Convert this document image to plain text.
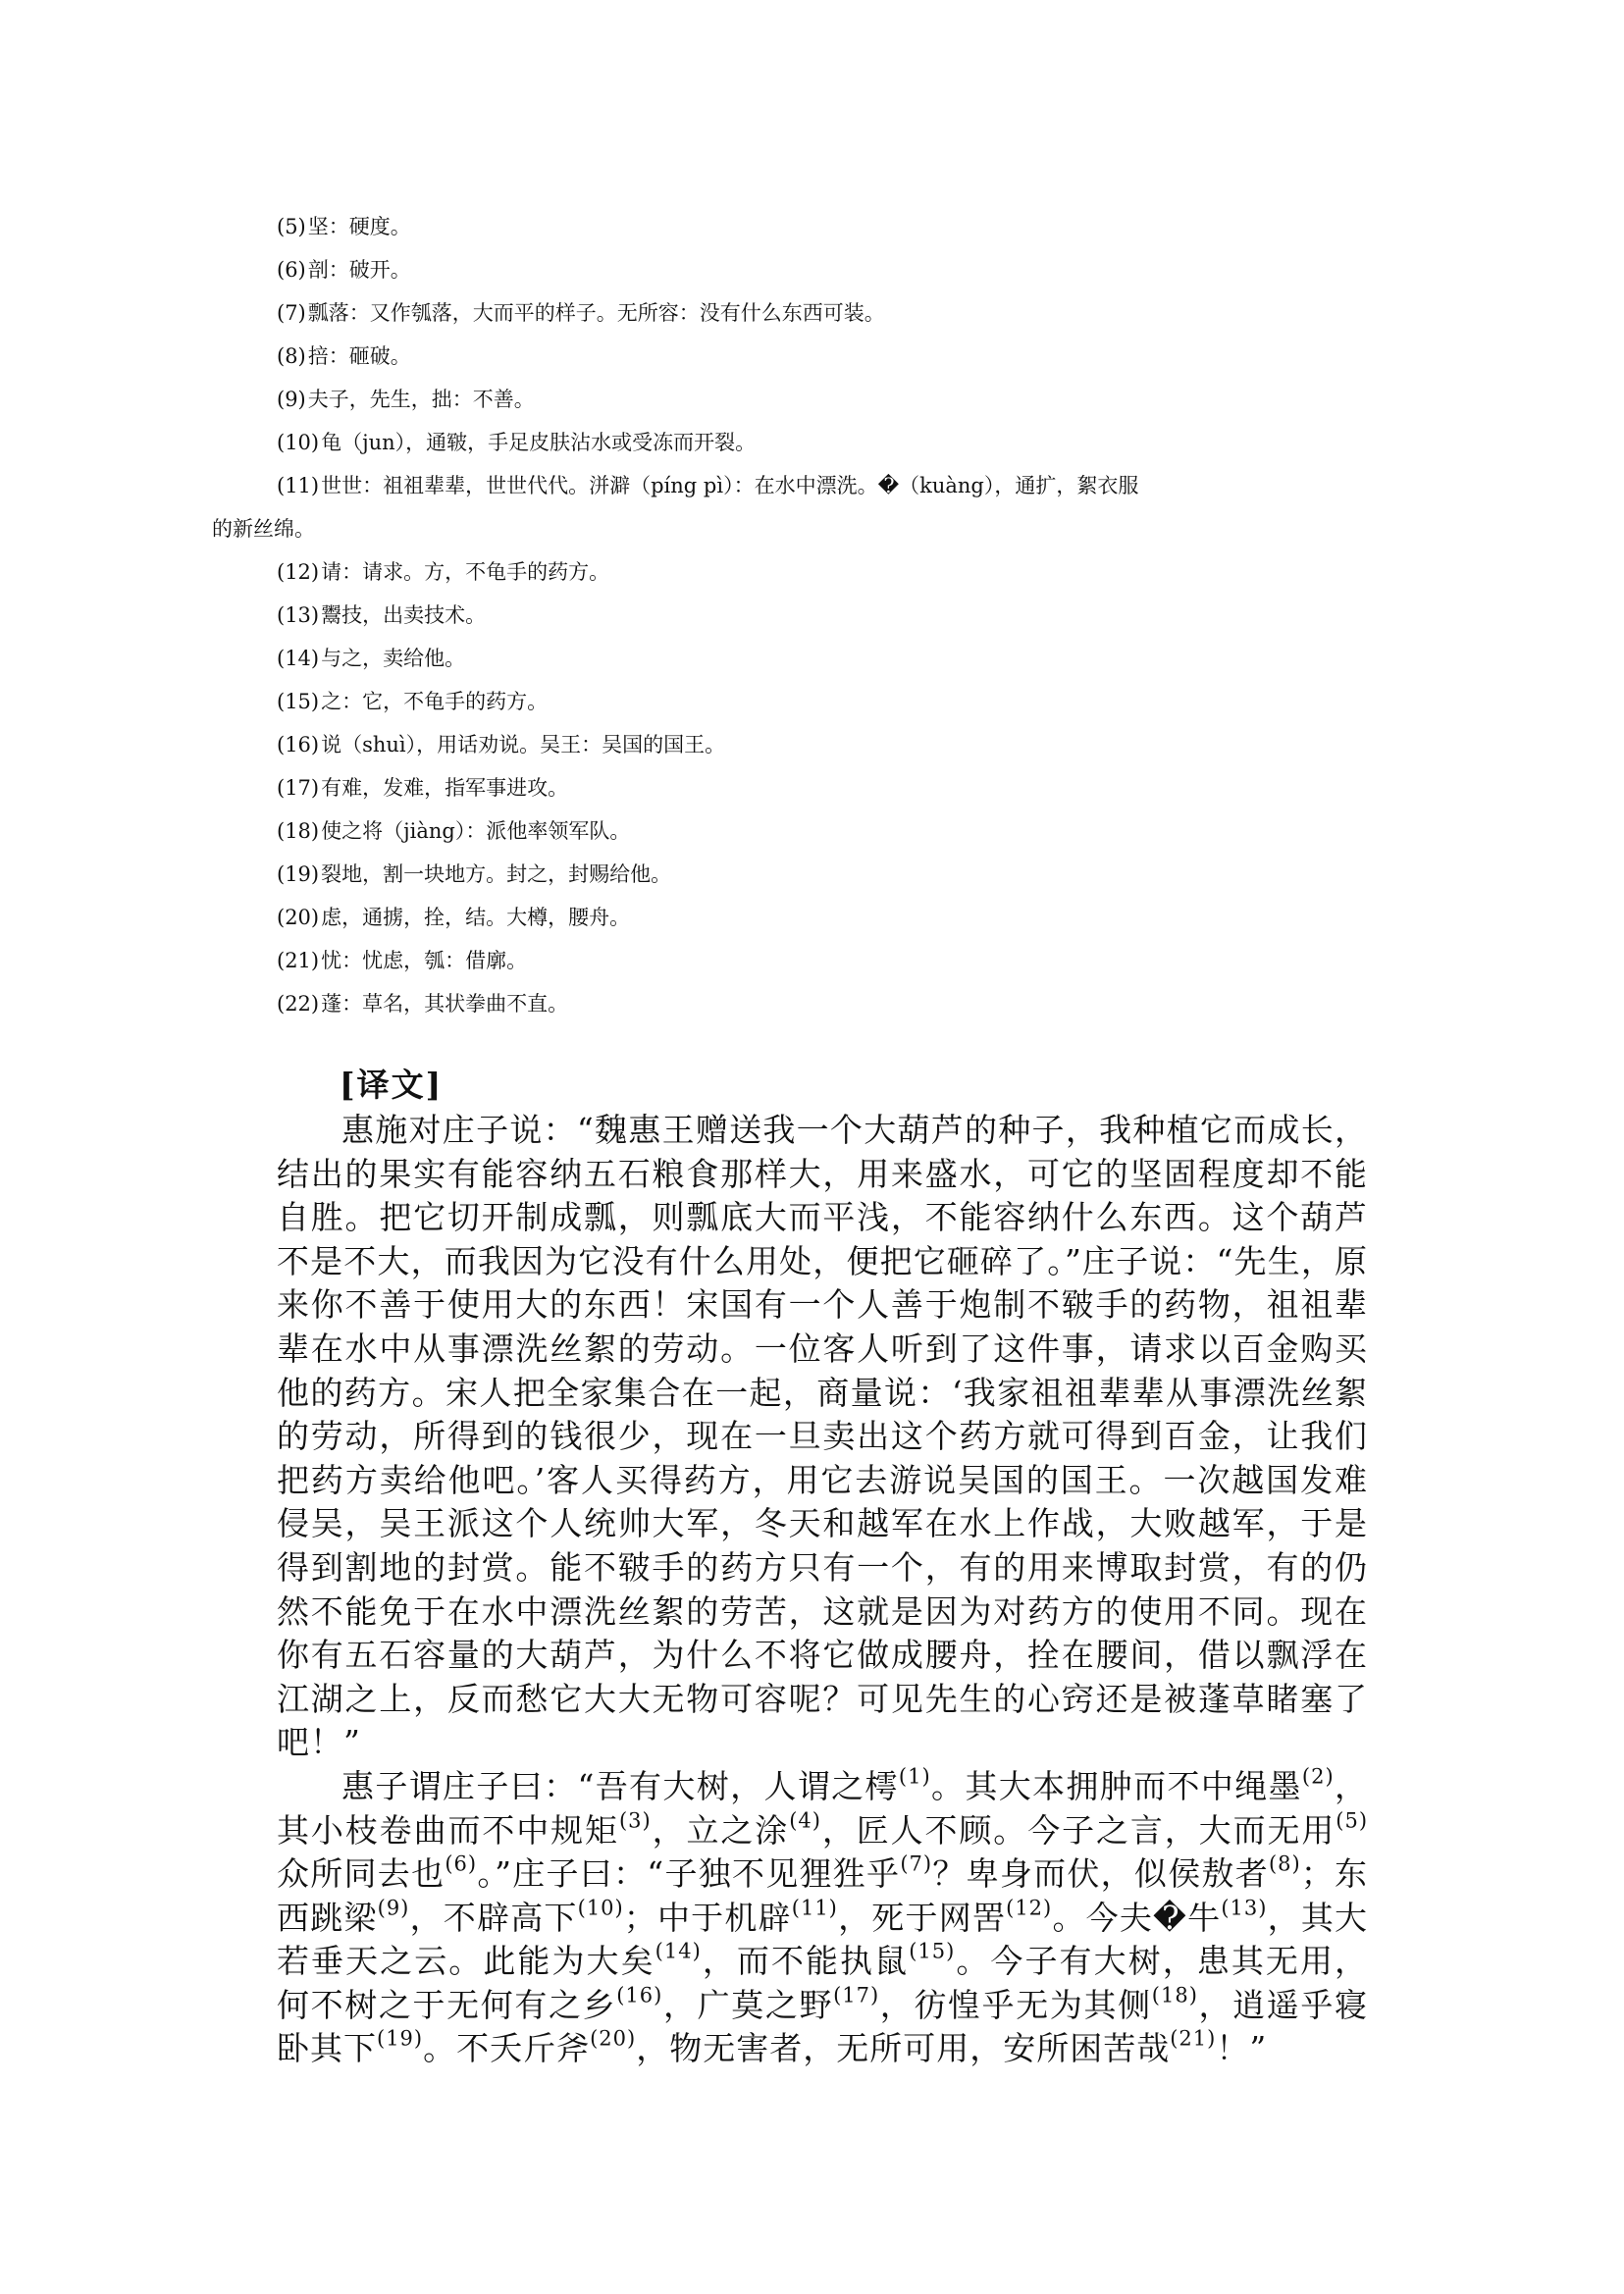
(5)坚：硬度。

(6)剖：破开。

(7)瓢落：又作瓠落，大而平的样子。无所容：没有什么东西可装。

(8)掊：砸破。

(9)夫子，先生，拙：不善。

(10)龟（jun），通皲，手足皮肤沾水或受冻而开裂。

(11)世世：祖祖辈辈，世世代代。洴澼（píng pì）：在水中漂洗。�（kuàng），通扩，絮衣服

的新丝绵。

(12)请：请求。方，不龟手的药方。

(13)鬻技，出卖技术。

(14)与之，卖给他。

(15)之：它，不龟手的药方。

(16)说（shuì），用话劝说。吴王：吴国的国王。

(17)有难，发难，指军事进攻。

(18)使之将（jiàng）：派他率领军队。

(19)裂地，割一块地方。封之，封赐给他。

(20)虑，通掳，拴，结。大樽，腰舟。

(21)忧：忧虑，瓠：借廓。

(22)蓬：草名，其状拳曲不直。

[译文]

惠施对庄子说：“魏惠王赠送我一个大葫芦的种子，我种植它而成长，结出的果实有能容纳五石粮食那样大，用来盛水，可它的坚固程度却不能自胜。把它切开制成瓢，则瓢底大而平浅，不能容纳什么东西。这个葫芦不是不大，而我因为它没有什么用处，便把它砸碎了。”庄子说：“先生，原来你不善于使用大的东西！宋国有一个人善于炮制不皲手的药物，祖祖辈辈在水中从事漂洗丝絮的劳动。一位客人听到了这件事，请求以百金购买他的药方。宋人把全家集合在一起，商量说：‘我家祖祖辈辈从事漂洗丝絮的劳动，所得到的钱很少，现在一旦卖出这个药方就可得到百金，让我们把药方卖给他吧。’客人买得药方，用它去游说吴国的国王。一次越国发难侵吴，吴王派这个人统帅大军，冬天和越军在水上作战，大败越军，于是得到割地的封赏。能不皲手的药方只有一个，有的用来博取封赏，有的仍然不能免于在水中漂洗丝絮的劳苦，这就是因为对药方的使用不同。现在你有五石容量的大葫芦，为什么不将它做成腰舟，拴在腰间，借以飘浮在江湖之上，反而愁它大大无物可容呢？可见先生的心窍还是被蓬草睹塞了吧！”

惠子谓庄子曰：“吾有大树，人谓之樗$^{(1)}$。其大本拥肿而不中绳墨$^{(2)}$，其小枝卷曲而不中规矩$^{(3)}$，立之涂$^{(4)}$，匠人不顾。今子之言，大而无用$^{(5)}$众所同去也$^{(6)}$。”庄子曰：“子独不见狸狌乎$^{(7)}$？卑身而伏，似侯敖者$^{(8)}$；东西跳梁$^{(9)}$，不辟高下$^{(10)}$；中于机辟$^{(11)}$，死于网罟$^{(12)}$。今夫�牛$^{(13)}$，其大若垂天之云。此能为大矣$^{(14)}$，而不能执鼠$^{(15)}$。今子有大树，患其无用，何不树之于无何有之乡$^{(16)}$，广莫之野$^{(17)}$，彷惶乎无为其侧$^{(18)}$，逍遥乎寝卧其下$^{(19)}$。不夭斤斧$^{(20)}$，物无害者，无所可用，安所困苦哉$^{(21)}$！”
